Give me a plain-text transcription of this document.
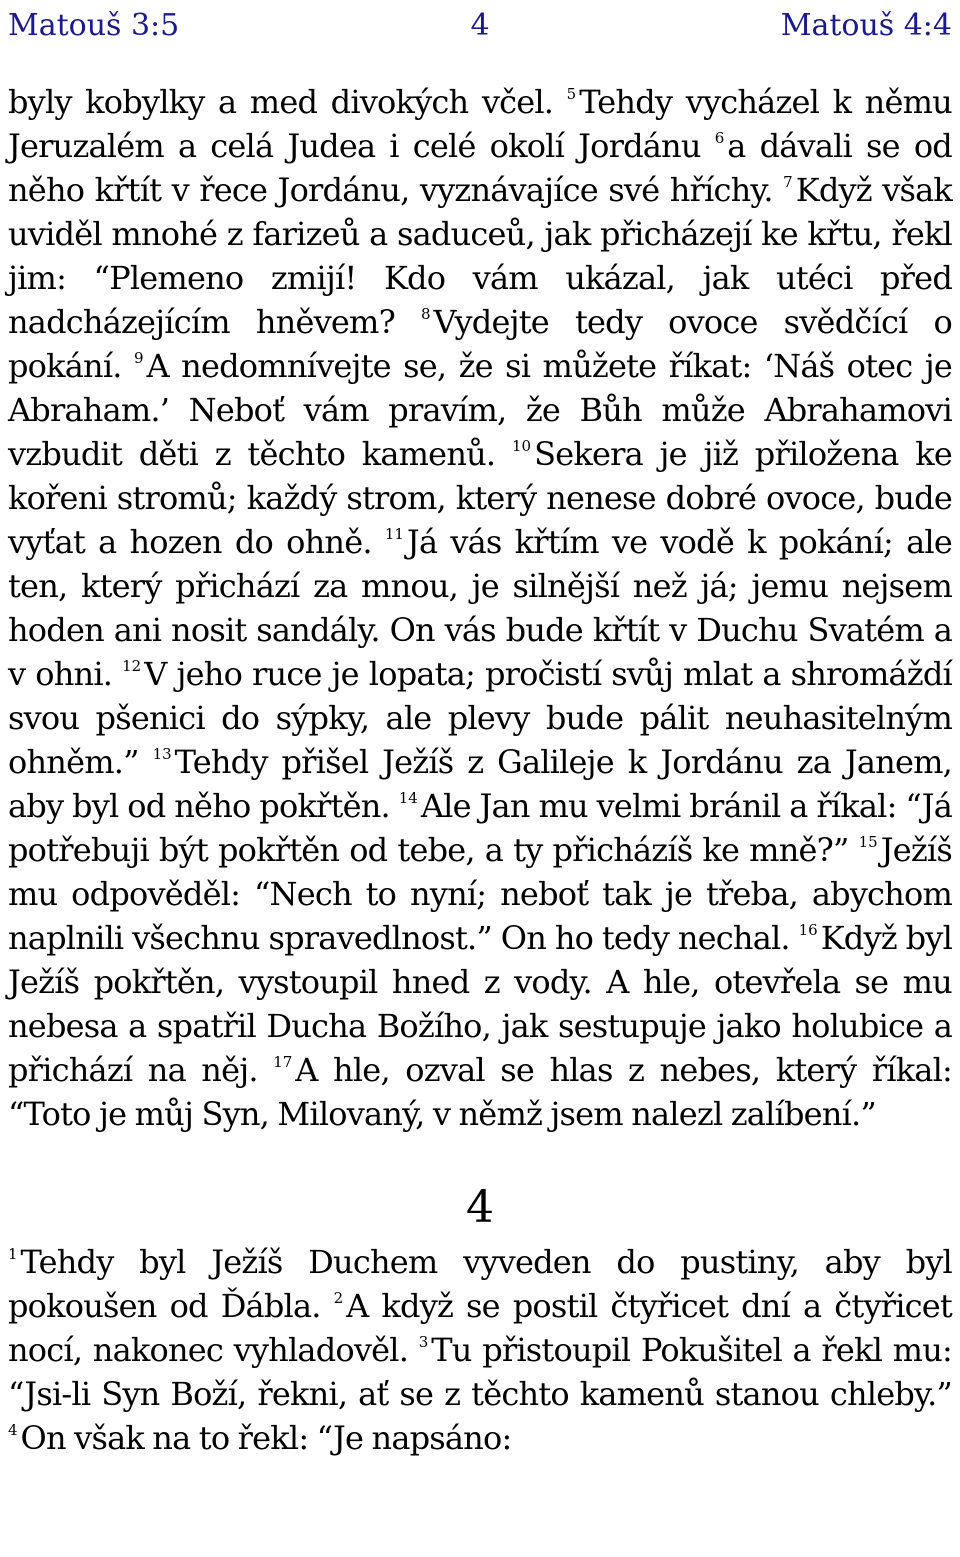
4
Matouš 3:5	Matouš 4:4

byly kobylky a med divokých včel. $^5$Tehdy vycházel k němu Jeruzalém a celá Judea i celé okolí Jordánu $^6$a dávali se od něho křtít v řece Jordánu, vyznávajíce své hříchy. $^7$Když však uviděl mnohé z farizeů a saduceů, jak přicházejí ke křtu, řekl jim: “Plemeno zmijí! Kdo vám ukázal, jak utéci před nadcházejícím hněvem? $^8$Vydejte tedy ovoce svědčící o pokání. $^9$A nedomnívejte se, že si můžete říkat: ‘Náš otec je Abraham.’ Neboť vám pravím, že Bůh může Abrahamovi vzbudit děti z těchto kamenů. $^{10}$Sekera je již přiložena ke kořeni stromů; každý strom, který nenese dobré ovoce, bude vyťat a hozen do ohně. $^{11}$Já vás křtím ve vodě k pokání; ale ten, který přichází za mnou, je silnější než já; jemu nejsem hoden ani nosit sandály. On vás bude křtít v Duchu Svatém a v ohni. $^{12}$V jeho ruce je lopata; pročistí svůj mlat a shromáždí svou pšenici do sýpky, ale plevy bude pálit neuhasitelným ohněm.” $^{13}$Tehdy přišel Ježíš z Galileje k Jordánu za Janem, aby byl od něho pokřtěn. $^{14}$Ale Jan mu velmi bránil a říkal: “Já potřebuji být pokřtěn od tebe, a ty přicházíš ke mně?” $^{15}$Ježíš mu odpověděl: “Nech to nyní; neboť tak je třeba, abychom naplnili všechnu spravedlnost.” On ho tedy nechal. $^{16}$Když byl Ježíš pokřtěn, vystoupil hned z vody. A hle, otevřela se mu nebesa a spatřil Ducha Božího, jak sestupuje jako holubice a přichází na něj. $^{17}$A hle, ozval se hlas z nebes, který říkal: “Toto je můj Syn, Milovaný, v němž jsem nalezl zalíbení.”

4

$^1$Tehdy byl Ježíš Duchem vyveden do pustiny, aby byl pokoušen od Ďábla. $^2$A když se postil čtyřicet dní a čtyřicet nocí, nakonec vyhladověl. $^3$Tu přistoupil Pokušitel a řekl mu: “Jsi-li Syn Boží, řekni, ať se z těchto kamenů stanou chleby.” $^4$On však na to řekl: “Je napsáno:
